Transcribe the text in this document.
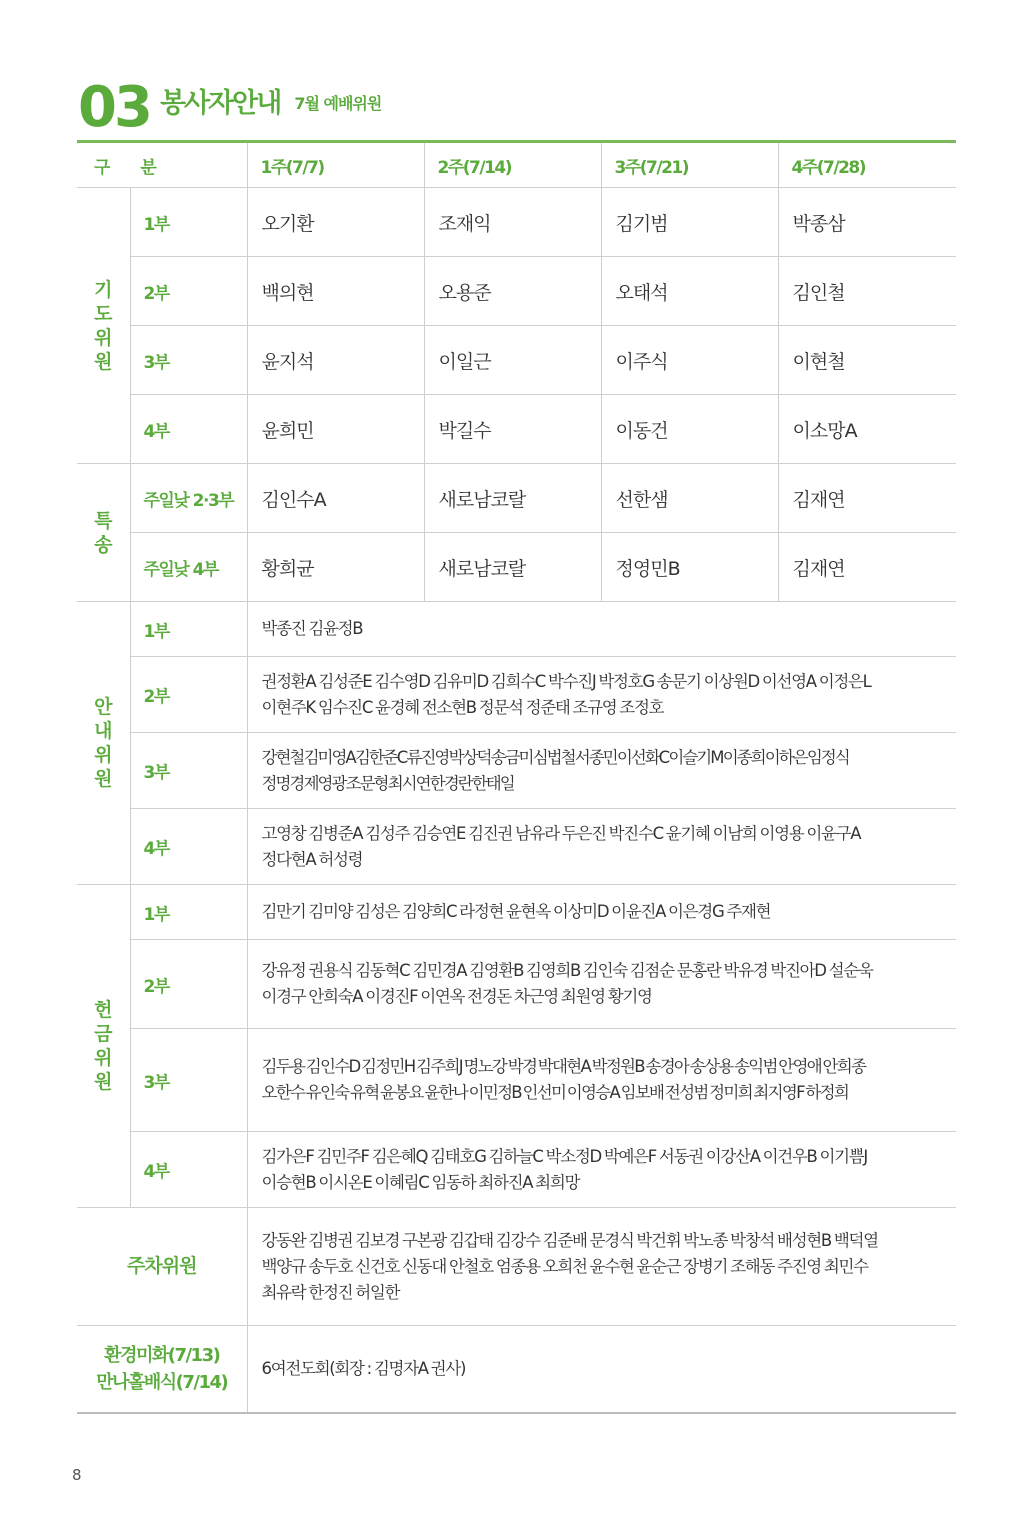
03 봉사자안내 7월 예배위원
구 분		1주(7/7)	2주(7/14)	3주(7/21)	4주(7/28)

기
도
위
원	1부	오기환	조재익	김기범	박종삼
	2부	백의현	오용준	오태석	김인철
	3부	윤지석	이일근	이주식	이현철
	4부	윤희민	박길수	이동건	이소망A

특
송	주일낮 2·3부	김인수A	새로남코랄	선한샘	김재연
	주일낮 4부	황희균	새로남코랄	정영민B	김재연

안
내
위
원	1부	박종진 김윤정B			

	2부	권정환A 김성준E 김수영D 김유미D 김희수C 박수진J 박정호G 송문기 이상원D 이선영A 이정은L
이현주K 임수진C 윤경혜 전소현B 정문석 정준태 조규영 조정호			

	3부	강현철 김미영A 김한준C 류진영 박상덕 송금미 심법철 서종민 이선화C 이슬기M 이종희 이하은 임정식
정명경 제영광 조문형 최시연 한경란 한태일			

	4부	고영창 김병준A 김성주 김승연E 김진권 남유라 두은진 박진수C 윤기혜 이남희 이영용 이윤구A
정다현A 허성령			

헌
금
위
원	1부	김만기 김미양 김성은 김양희C 라정현 윤현옥 이상미D 이윤진A 이은경G 주재현			

	2부	강유정 권용식 김동혁C 김민경A 김영환B 김영희B 김인숙 김점순 문홍란 박유경 박진아D 설순욱
이경구 안희숙A 이경진F 이연옥 전경돈 차근영 최원영 황기영			

	3부	김두용 김인수D 김정민H 김주희J 명노강 박경 박대현A 박정원B 송경아 송상용 송익범 안영애 안희종
오한수 유인숙 유혁 윤봉요 윤한나 이민정B 인선미 이영승A 임보배 전성범 정미희 최지영F 하정희			

	4부	김가은F 김민주F 김은혜Q 김태호G 김하늘C 박소정D 박예은F 서동권 이강산A 이건우B 이기쁨J
이승현B 이시온E 이혜림C 임동하 최하진A 최희망			

주차위원		강동완 김병권 김보경 구본광 김갑태 김강수 김준배 문경식 박건휘 박노종 박창석 배성현B 백덕열
백양규 송두호 신건호 신동대 안철호 엄종용 오희천 윤수현 윤순근 장병기 조해동 주진영 최민수
최유락 한정진 허일한			

환경미화(7/13)
만나홀배식(7/14)		6여전도회(회장 : 김명자A 권사)			
8
